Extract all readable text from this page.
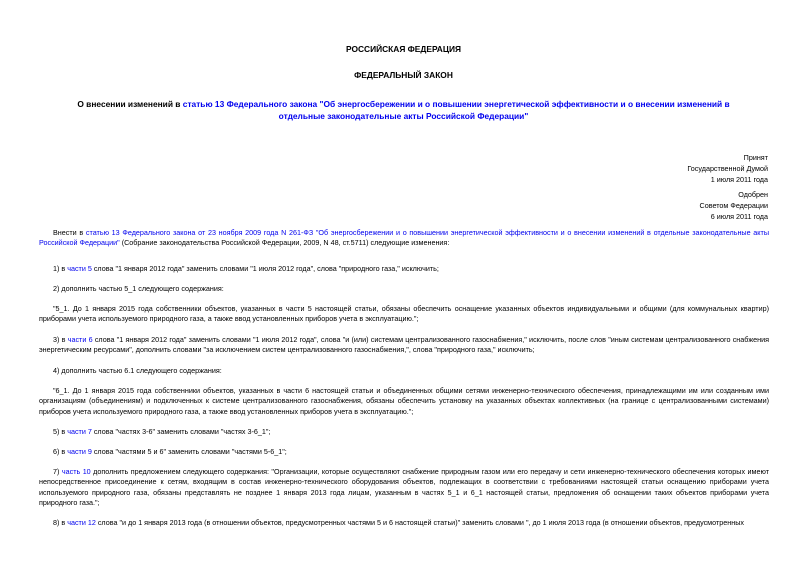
РОССИЙСКАЯ ФЕДЕРАЦИЯ
ФЕДЕРАЛЬНЫЙ ЗАКОН
О внесении изменений в статью 13 Федерального закона "Об энергосбережении и о повышении энергетической эффективности и о внесении изменений в отдельные законодательные акты Российской Федерации"
Принят
Государственной Думой
1 июля 2011 года
Одобрен
Советом Федерации
6 июля 2011 года
Внести в статью 13 Федерального закона от 23 ноября 2009 года N 261-ФЗ "Об энергосбережении и о повышении энергетической эффективности и о внесении изменений в отдельные законодательные акты Российской Федерации" (Собрание законодательства Российской Федерации, 2009, N 48, ст.5711) следующие изменения:
1) в части 5 слова "1 января 2012 года" заменить словами "1 июля 2012 года", слова "природного газа," исключить;
2) дополнить частью 5_1 следующего содержания:
"5_1. До 1 января 2015 года собственники объектов, указанных в части 5 настоящей статьи, обязаны обеспечить оснащение указанных объектов индивидуальными и общими (для коммунальных квартир) приборами учета используемого природного газа, а также ввод установленных приборов учета в эксплуатацию.";
3) в части 6 слова "1 января 2012 года" заменить словами "1 июля 2012 года", слова "и (или) системам централизованного газоснабжения," исключить, после слов "иным системам централизованного снабжения энергетическим ресурсами", дополнить словами "за исключением систем централизованного газоснабжения,", слова "природного газа," исключить;
4) дополнить частью 6.1 следующего содержания:
"6_1. До 1 января 2015 года собственники объектов, указанных в части 6 настоящей статьи и объединенных общими сетями инженерно-технического обеспечения, принадлежащими им или созданным ими организациям (объединениям) и подключенных к системе централизованного газоснабжения, обязаны обеспечить установку на указанных объектах коллективных (на границе с централизованными системами) приборов учета используемого природного газа, а также ввод установленных приборов учета в эксплуатацию.";
5) в части 7 слова "частях 3-6" заменить словами "частях 3-6_1";
6) в части 9 слова "частями 5 и 6" заменить словами "частями 5-6_1";
7) часть 10 дополнить предложением следующего содержания: "Организации, которые осуществляют снабжение природным газом или его передачу и сети инженерно-технического обеспечения которых имеют непосредственное присоединение к сетям, входящим в состав инженерно-технического оборудования объектов, подлежащих в соответствии с требованиями настоящей статьи оснащению приборами учета используемого природного газа, обязаны представлять не позднее 1 января 2013 года лицам, указанным в частях 5_1 и 6_1 настоящей статьи, предложения об оснащении таких объектов приборами учета природного газа.";
8) в части 12 слова "и до 1 января 2013 года (в отношении объектов, предусмотренных частями 5 и 6 настоящей статьи)" заменить словами ", до 1 июля 2013 года (в отношении объектов, предусмотренных
